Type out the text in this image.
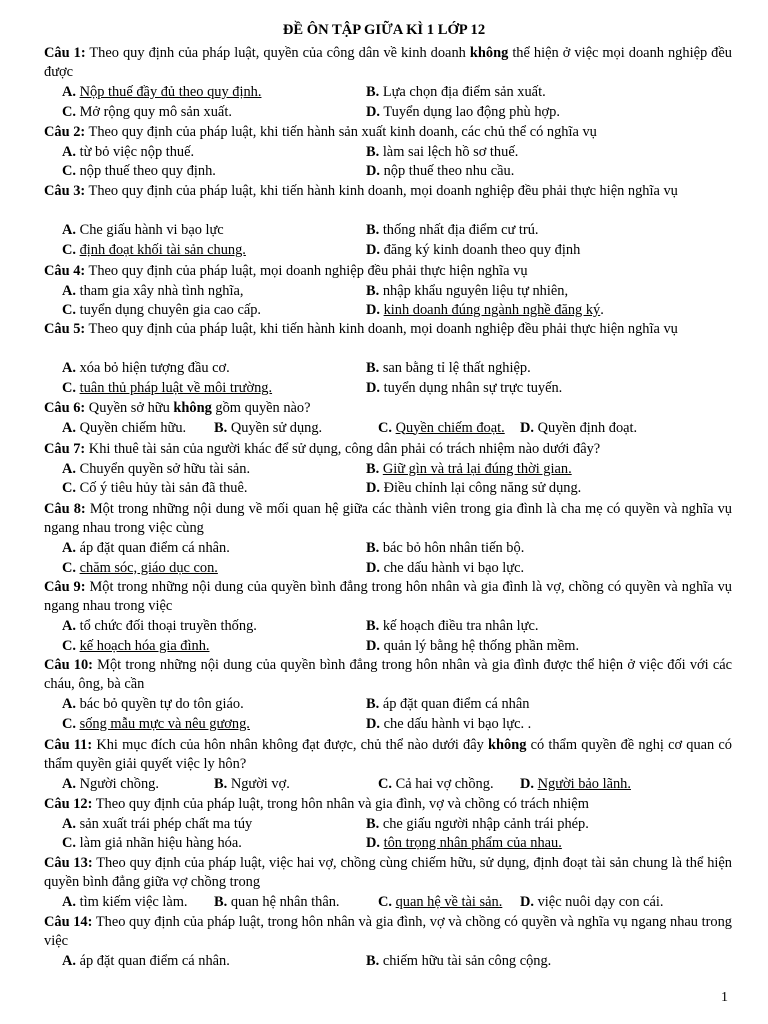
ĐỀ ÔN TẬP GIỮA KÌ 1 LỚP 12
Câu 1: Theo quy định của pháp luật, quyền của công dân về kinh doanh không thể hiện ở việc mọi doanh nghiệp đều được
A. Nộp thuế đầy đủ theo quy định.	B. Lựa chọn địa điểm sản xuất.
C. Mở rộng quy mô sản xuất.	D. Tuyển dụng lao động phù hợp.
Câu 2: Theo quy định của pháp luật, khi tiến hành sản xuất kinh doanh, các chủ thể có nghĩa vụ
A. từ bỏ việc nộp thuế.	B. làm sai lệch hồ sơ thuế.
C. nộp thuế theo quy định.	D. nộp thuế theo nhu cầu.
Câu 3: Theo quy định của pháp luật, khi tiến hành kinh doanh, mọi doanh nghiệp đều phải thực hiện nghĩa vụ
A. Che giấu hành vi bạo lực	B. thống nhất địa điểm cư trú.
C. định đoạt khối tài sản chung.	D. đăng ký kinh doanh theo quy định
Câu 4: Theo quy định của pháp luật, mọi doanh nghiệp đều phải thực hiện nghĩa vụ
A. tham gia xây nhà tình nghĩa,	B. nhập khẩu nguyên liệu tự nhiên,
C. tuyển dụng chuyên gia cao cấp.	D. kinh doanh đúng ngành nghề đăng ký.
Câu 5: Theo quy định của pháp luật, khi tiến hành kinh doanh, mọi doanh nghiệp đều phải thực hiện nghĩa vụ
A. xóa bỏ hiện tượng đầu cơ.	B. san bằng tỉ lệ thất nghiệp.
C. tuân thủ pháp luật về môi trường.	D. tuyển dụng nhân sự trực tuyến.
Câu 6: Quyền sở hữu không gồm quyền nào?
A. Quyền chiếm hữu. B. Quyền sử dụng.	C. Quyền chiếm đoạt. D. Quyền định đoạt.
Câu 7: Khi thuê tài sản của người khác để sử dụng, công dân phải có trách nhiệm nào dưới đây?
A. Chuyển quyền sở hữu tài sản.	B. Giữ gìn và trả lại đúng thời gian.
C. Cố ý tiêu hủy tài sản đã thuê.	D. Điều chỉnh lại công năng sử dụng.
Câu 8: Một trong những nội dung về mối quan hệ giữa các thành viên trong gia đình là cha mẹ có quyền và nghĩa vụ ngang nhau trong việc cùng
A. áp đặt quan điểm cá nhân.	B. bác bỏ hôn nhân tiến bộ.
C. chăm sóc, giáo dục con.	D. che dấu hành vi bạo lực.
Câu 9: Một trong những nội dung của quyền bình đẳng trong hôn nhân và gia đình là vợ, chồng có quyền và nghĩa vụ ngang nhau trong việc
A. tổ chức đối thoại truyền thống.	B. kế hoạch điều tra nhân lực.
C. kế hoạch hóa gia đình.	D. quản lý bằng hệ thống phần mềm.
Câu 10: Một trong những nội dung của quyền bình đẳng trong hôn nhân và gia đình được thể hiện ở việc đối với các cháu, ông, bà cần
A. bác bỏ quyền tự do tôn giáo.	B. áp đặt quan điểm cá nhân
C. sống mẫu mực và nêu gương.	D. che dấu hành vi bạo lực. .
Câu 11: Khi mục đích của hôn nhân không đạt được, chủ thể nào dưới đây không có thẩm quyền đề nghị cơ quan có thẩm quyền giải quyết việc ly hôn?
A. Người chồng.	B. Người vợ.	C. Cả hai vợ chồng. D. Người bảo lãnh.
Câu 12: Theo quy định của pháp luật, trong hôn nhân và gia đình, vợ và chồng có trách nhiệm
A. sản xuất trái phép chất ma túy	B. che giấu người nhập cảnh trái phép.
C. làm giả nhãn hiệu hàng hóa.	D. tôn trọng nhân phẩm của nhau.
Câu 13: Theo quy định của pháp luật, việc hai vợ, chồng cùng chiếm hữu, sử dụng, định đoạt tài sản chung là thể hiện quyền bình đẳng giữa vợ chồng trong
A. tìm kiếm việc làm. B. quan hệ nhân thân.	C. quan hệ về tài sản. D. việc nuôi dạy con cái.
Câu 14: Theo quy định của pháp luật, trong hôn nhân và gia đình, vợ và chồng có quyền và nghĩa vụ ngang nhau trong việc
A. áp đặt quan điểm cá nhân.	B. chiếm hữu tài sản công cộng.
1
